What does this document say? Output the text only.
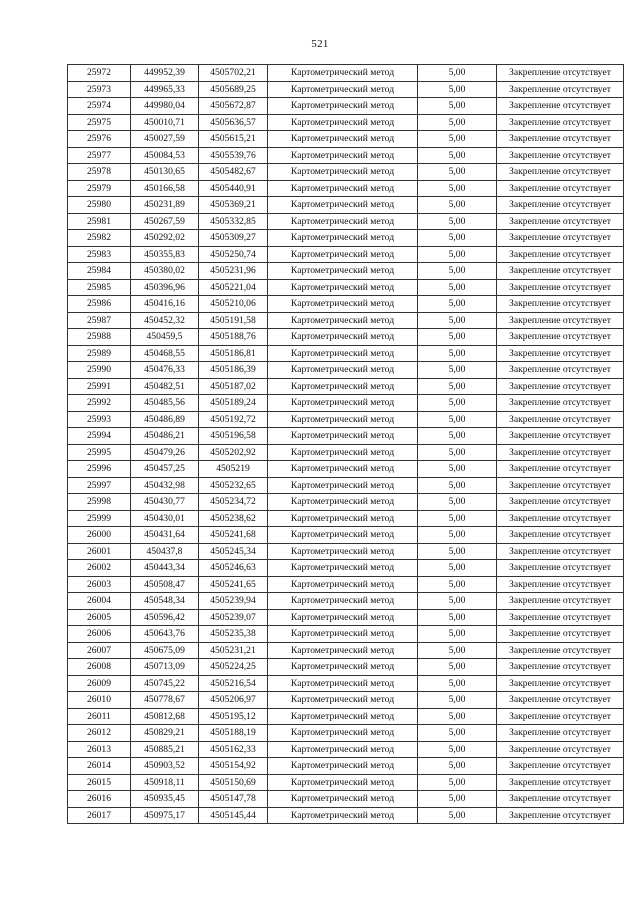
521
25972	449952,39	4505702,21	Картометрический метод	5,00	Закрепление отсутствует
25973	449965,33	4505689,25	Картометрический метод	5,00	Закрепление отсутствует
25974	449980,04	4505672,87	Картометрический метод	5,00	Закрепление отсутствует
25975	450010,71	4505636,57	Картометрический метод	5,00	Закрепление отсутствует
25976	450027,59	4505615,21	Картометрический метод	5,00	Закрепление отсутствует
25977	450084,53	4505539,76	Картометрический метод	5,00	Закрепление отсутствует
25978	450130,65	4505482,67	Картометрический метод	5,00	Закрепление отсутствует
25979	450166,58	4505440,91	Картометрический метод	5,00	Закрепление отсутствует
25980	450231,89	4505369,21	Картометрический метод	5,00	Закрепление отсутствует
25981	450267,59	4505332,85	Картометрический метод	5,00	Закрепление отсутствует
25982	450292,02	4505309,27	Картометрический метод	5,00	Закрепление отсутствует
25983	450355,83	4505250,74	Картометрический метод	5,00	Закрепление отсутствует
25984	450380,02	4505231,96	Картометрический метод	5,00	Закрепление отсутствует
25985	450396,96	4505221,04	Картометрический метод	5,00	Закрепление отсутствует
25986	450416,16	4505210,06	Картометрический метод	5,00	Закрепление отсутствует
25987	450452,32	4505191,58	Картометрический метод	5,00	Закрепление отсутствует
25988	450459,5	4505188,76	Картометрический метод	5,00	Закрепление отсутствует
25989	450468,55	4505186,81	Картометрический метод	5,00	Закрепление отсутствует
25990	450476,33	4505186,39	Картометрический метод	5,00	Закрепление отсутствует
25991	450482,51	4505187,02	Картометрический метод	5,00	Закрепление отсутствует
25992	450485,56	4505189,24	Картометрический метод	5,00	Закрепление отсутствует
25993	450486,89	4505192,72	Картометрический метод	5,00	Закрепление отсутствует
25994	450486,21	4505196,58	Картометрический метод	5,00	Закрепление отсутствует
25995	450479,26	4505202,92	Картометрический метод	5,00	Закрепление отсутствует
25996	450457,25	4505219	Картометрический метод	5,00	Закрепление отсутствует
25997	450432,98	4505232,65	Картометрический метод	5,00	Закрепление отсутствует
25998	450430,77	4505234,72	Картометрический метод	5,00	Закрепление отсутствует
25999	450430,01	4505238,62	Картометрический метод	5,00	Закрепление отсутствует
26000	450431,64	4505241,68	Картометрический метод	5,00	Закрепление отсутствует
26001	450437,8	4505245,34	Картометрический метод	5,00	Закрепление отсутствует
26002	450443,34	4505246,63	Картометрический метод	5,00	Закрепление отсутствует
26003	450508,47	4505241,65	Картометрический метод	5,00	Закрепление отсутствует
26004	450548,34	4505239,94	Картометрический метод	5,00	Закрепление отсутствует
26005	450596,42	4505239,07	Картометрический метод	5,00	Закрепление отсутствует
26006	450643,76	4505235,38	Картометрический метод	5,00	Закрепление отсутствует
26007	450675,09	4505231,21	Картометрический метод	5,00	Закрепление отсутствует
26008	450713,09	4505224,25	Картометрический метод	5,00	Закрепление отсутствует
26009	450745,22	4505216,54	Картометрический метод	5,00	Закрепление отсутствует
26010	450778,67	4505206,97	Картометрический метод	5,00	Закрепление отсутствует
26011	450812,68	4505195,12	Картометрический метод	5,00	Закрепление отсутствует
26012	450829,21	4505188,19	Картометрический метод	5,00	Закрепление отсутствует
26013	450885,21	4505162,33	Картометрический метод	5,00	Закрепление отсутствует
26014	450903,52	4505154,92	Картометрический метод	5,00	Закрепление отсутствует
26015	450918,11	4505150,69	Картометрический метод	5,00	Закрепление отсутствует
26016	450935,45	4505147,78	Картометрический метод	5,00	Закрепление отсутствует
26017	450975,17	4505145,44	Картометрический метод	5,00	Закрепление отсутствует
